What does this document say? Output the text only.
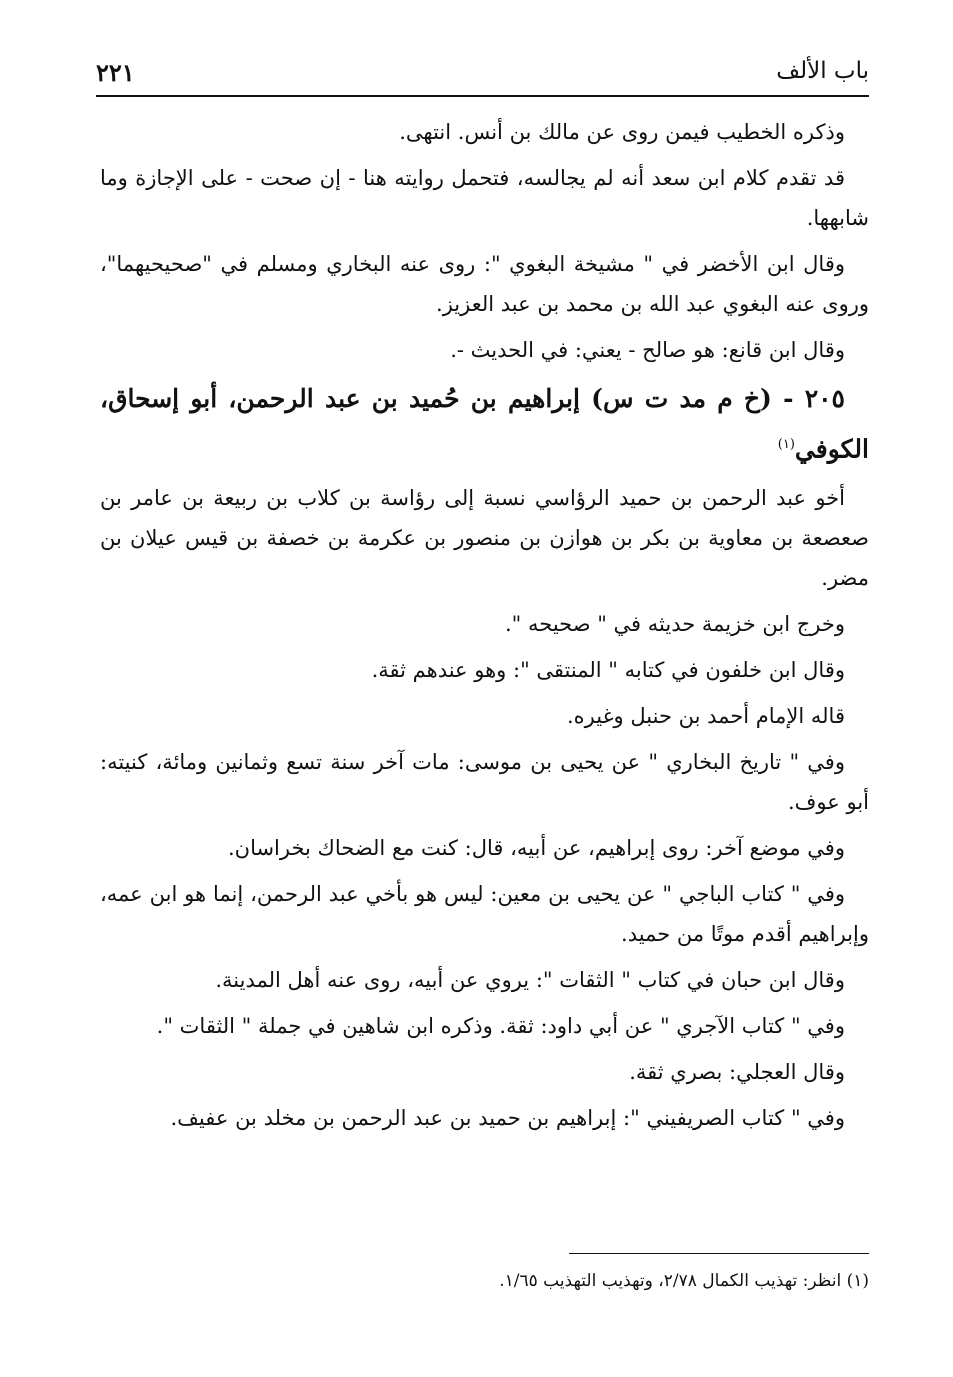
باب الألف
٢٢١

وذكره الخطيب فيمن روى عن مالك بن أنس. انتهى.

قد تقدم كلام ابن سعد أنه لم يجالسه، فتحمل روايته هنا - إن صحت - على الإجازة وما شابهها.

وقال ابن الأخضر في " مشيخة البغوي ": روى عنه البخاري ومسلم في "صحيحيهما"، وروى عنه البغوي عبد الله بن محمد بن عبد العزيز.

وقال ابن قانع: هو صالح - يعني: في الحديث -.

٢٠٥ - (خ م مد ت س) إبراهيم بن حُميد بن عبد الرحمن، أبو إسحاق، الكوفي$^{(١)}$

أخو عبد الرحمن بن حميد الرؤاسي نسبة إلى رؤاسة بن كلاب بن ربيعة بن عامر بن صعصعة بن معاوية بن بكر بن هوازن بن منصور بن عكرمة بن خصفة بن قيس عيلان بن مضر.

وخرج ابن خزيمة حديثه في " صحيحه ".

وقال ابن خلفون في كتابه " المنتقى ": وهو عندهم ثقة.

قاله الإمام أحمد بن حنبل وغيره.

وفي " تاريخ البخاري " عن يحيى بن موسى: مات آخر سنة تسع وثمانين ومائة، كنيته: أبو عوف.

وفي موضع آخر: روى إبراهيم، عن أبيه، قال: كنت مع الضحاك بخراسان.

وفي " كتاب الباجي " عن يحيى بن معين: ليس هو بأخي عبد الرحمن، إنما هو ابن عمه، وإبراهيم أقدم موتًا من حميد.

وقال ابن حبان في كتاب " الثقات ": يروي عن أبيه، روى عنه أهل المدينة.

وفي " كتاب الآجري " عن أبي داود: ثقة. وذكره ابن شاهين في جملة " الثقات ".

وقال العجلي: بصري ثقة.

وفي " كتاب الصريفيني ": إبراهيم بن حميد بن عبد الرحمن بن مخلد بن عفيف.

(١) انظر: تهذيب الكمال ٢/٧٨، وتهذيب التهذيب ١/٦٥.
